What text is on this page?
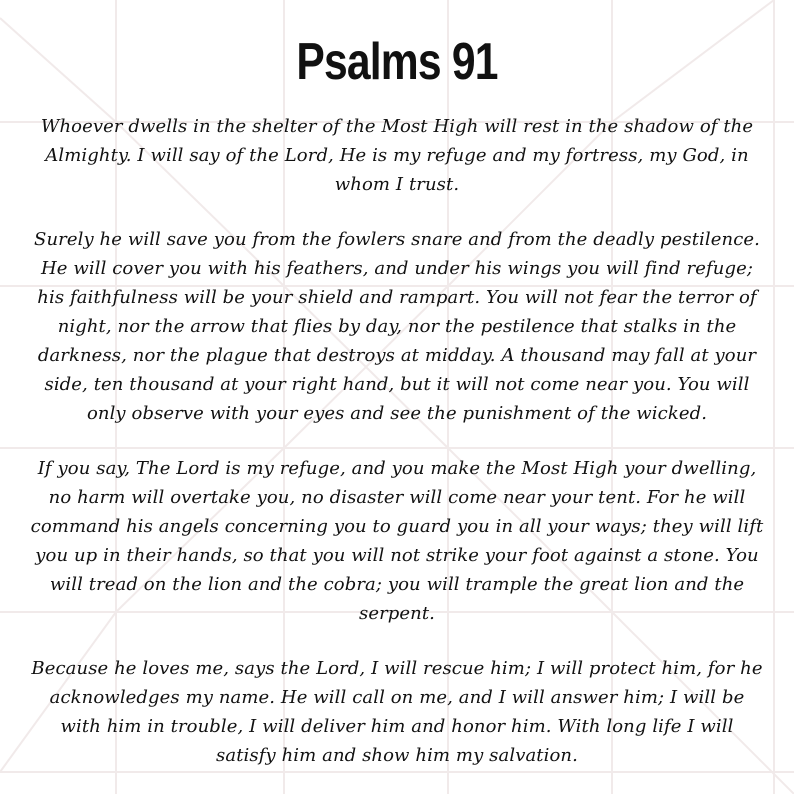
Psalms 91

Whoever dwells in the shelter of the Most High will rest in the shadow of the Almighty. I will say of the Lord, He is my refuge and my fortress, my God, in whom I trust.

Surely he will save you from the fowlers snare and from the deadly pestilence. He will cover you with his feathers, and under his wings you will find refuge; his faithfulness will be your shield and rampart. You will not fear the terror of night, nor the arrow that flies by day, nor the pestilence that stalks in the darkness, nor the plague that destroys at midday. A thousand may fall at your side, ten thousand at your right hand, but it will not come near you. You will only observe with your eyes and see the punishment of the wicked.

If you say, The Lord is my refuge, and you make the Most High your dwelling, no harm will overtake you, no disaster will come near your tent. For he will command his angels concerning you to guard you in all your ways; they will lift you up in their hands, so that you will not strike your foot against a stone. You will tread on the lion and the cobra; you will trample the great lion and the serpent.

Because he loves me, says the Lord, I will rescue him; I will protect him, for he acknowledges my name. He will call on me, and I will answer him; I will be with him in trouble, I will deliver him and honor him. With long life I will satisfy him and show him my salvation.
